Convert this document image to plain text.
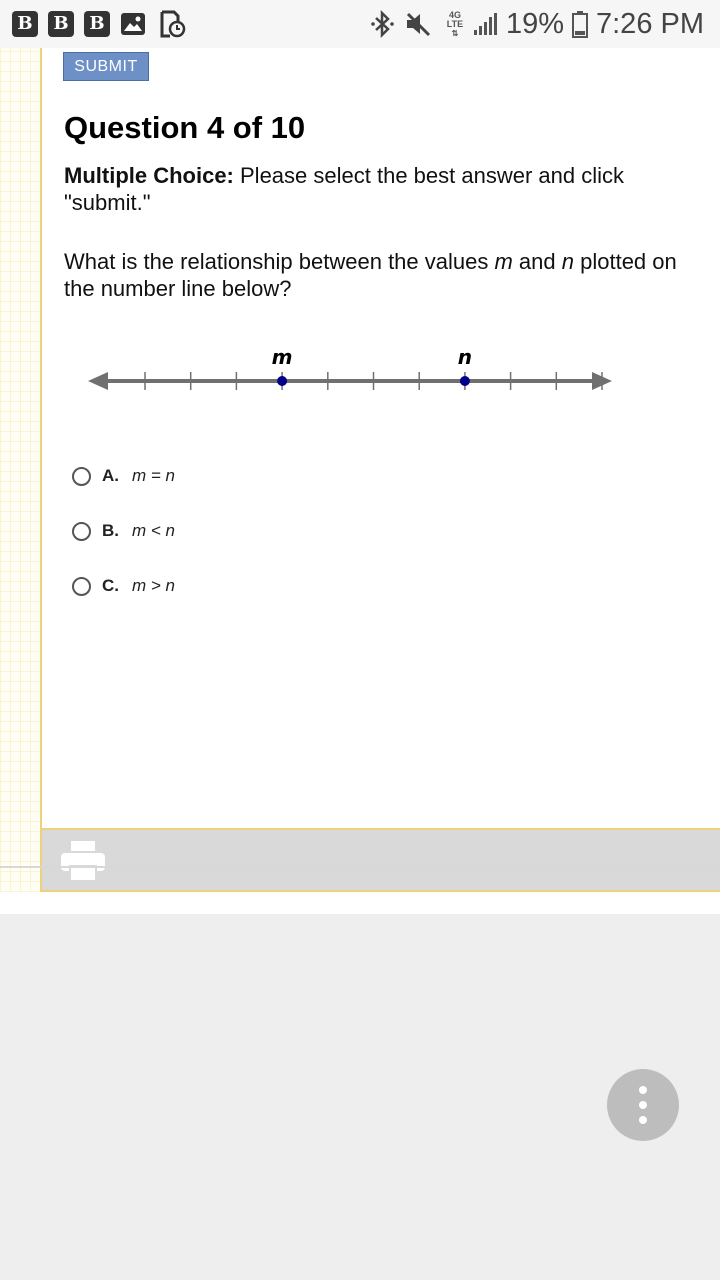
B B B	4G
LTE
⇅ 19% 7:26 PM
SUBMIT
Question 4 of 10
Multiple Choice: Please select the best answer and click "submit."
What is the relationship between the values m and n plotted on the number line below?
m	n
A. m = n
B. m < n
C. m > n
